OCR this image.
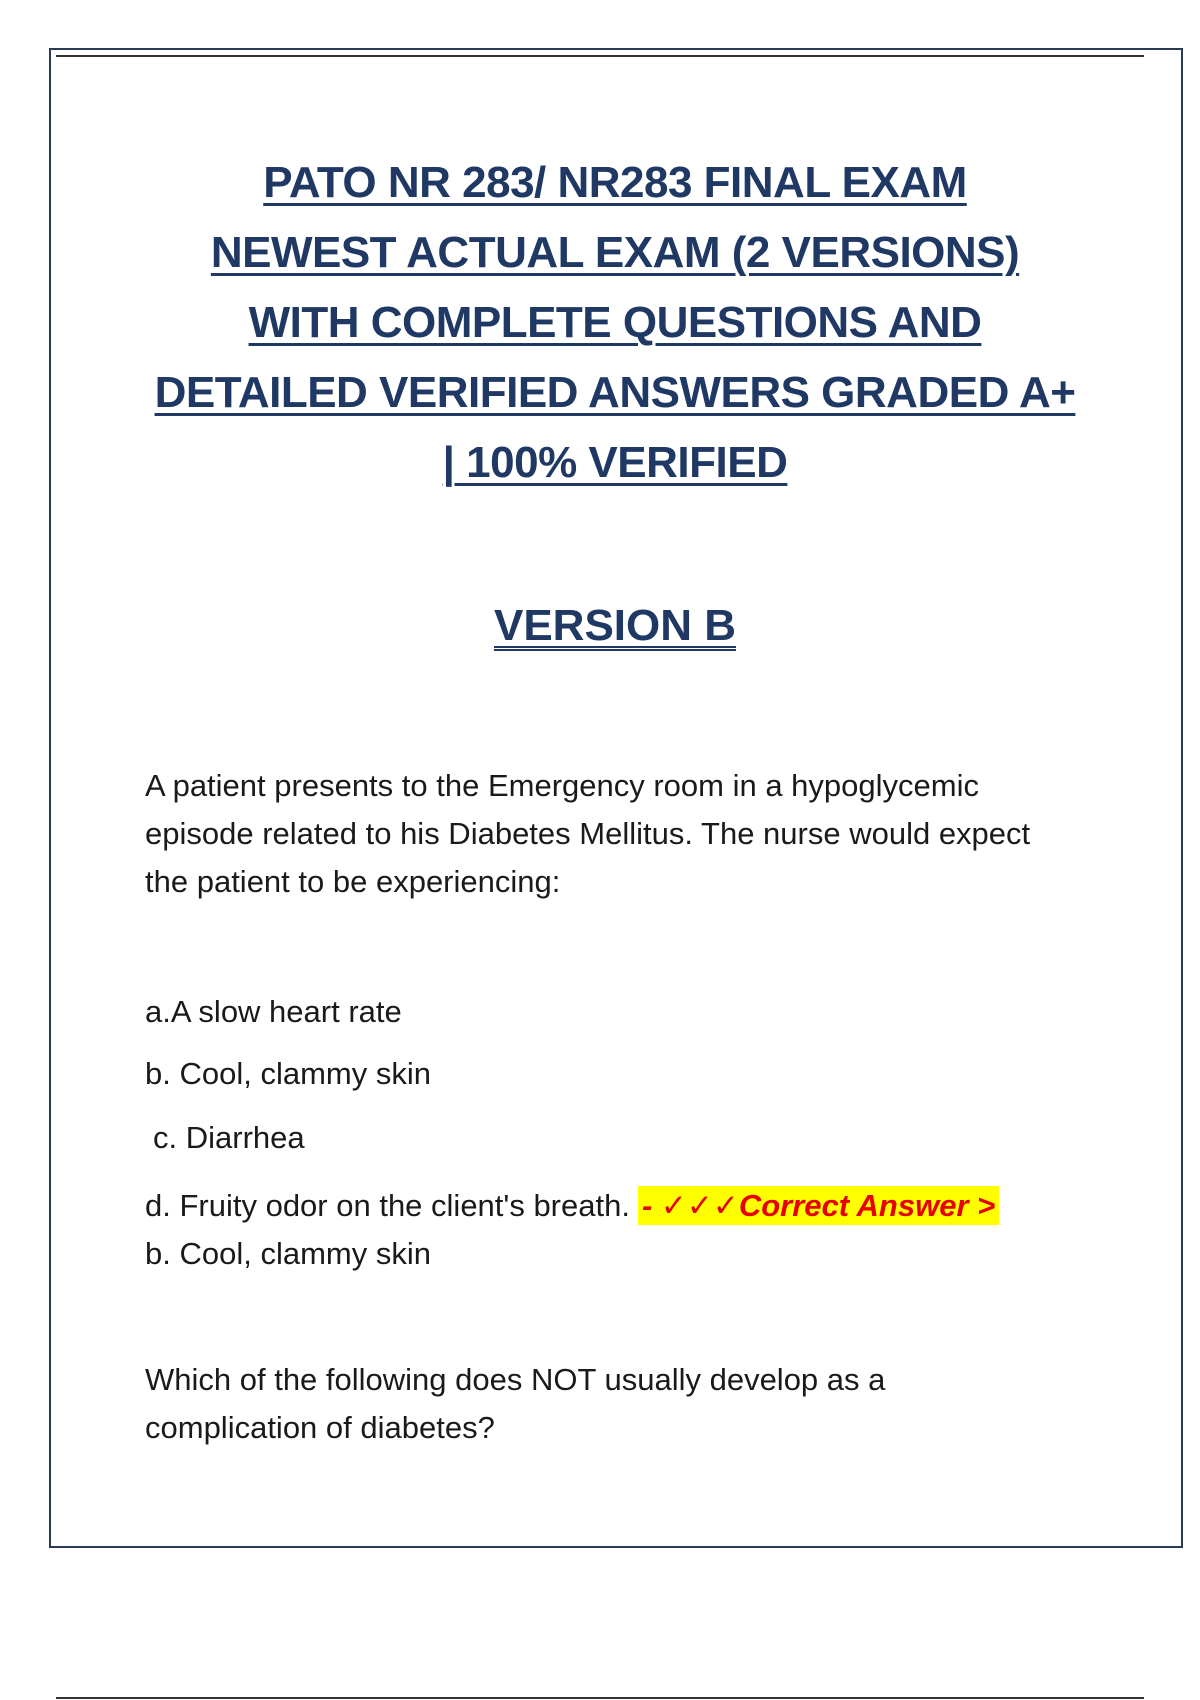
PATO NR 283/ NR283 FINAL EXAM
NEWEST ACTUAL EXAM (2 VERSIONS)
WITH COMPLETE QUESTIONS AND
DETAILED VERIFIED ANSWERS GRADED A+
| 100% VERIFIED
VERSION B
A patient presents to the Emergency room in a hypoglycemic episode related to his Diabetes Mellitus. The nurse would expect the patient to be experiencing:
a.A slow heart rate
b. Cool, clammy skin
c. Diarrhea
d. Fruity odor on the client's breath. - ✓✓✓Correct Answer >
b. Cool, clammy skin
Which of the following does NOT usually develop as a complication of diabetes?
